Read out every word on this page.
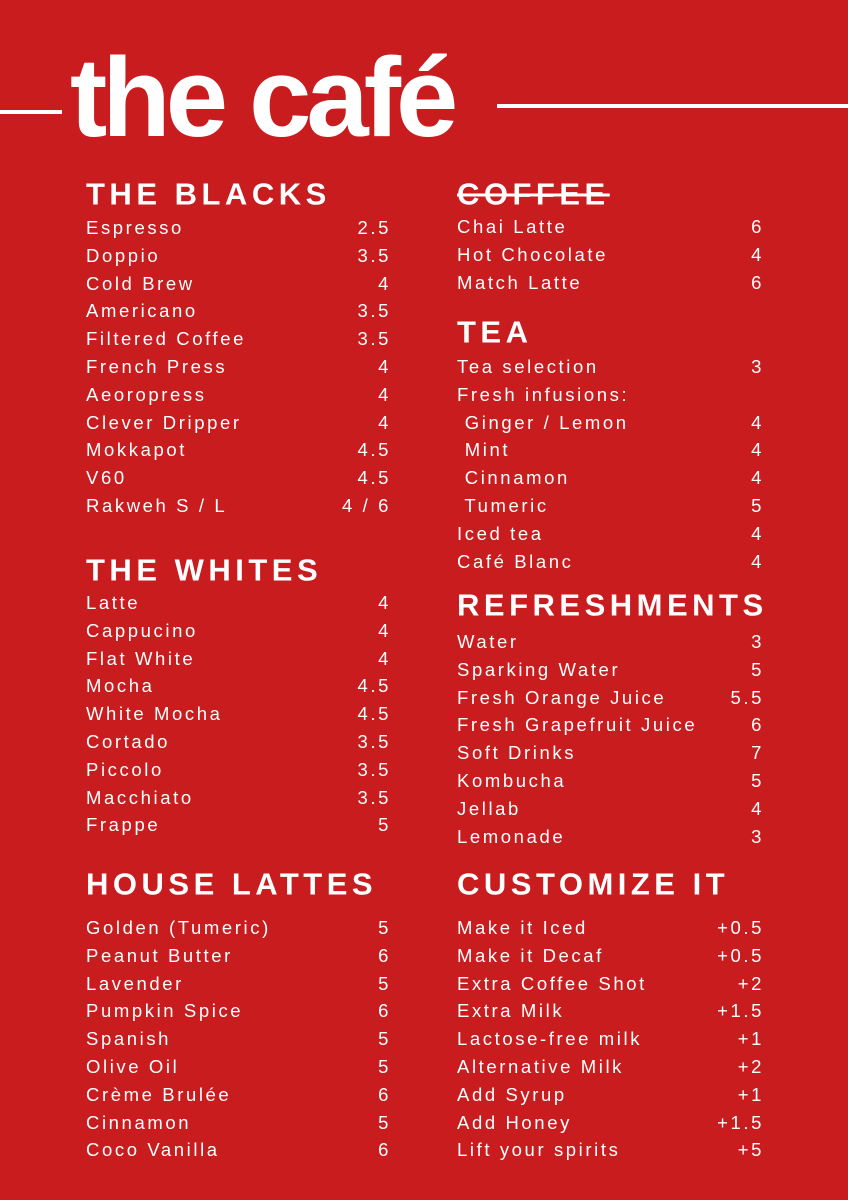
the café
THE BLACKS
Espresso	2.5
Doppio	3.5
Cold Brew	4
Americano	3.5
Filtered Coffee	3.5
French Press	4
Aeoropress	4
Clever Dripper	4
Mokkapot	4.5
V60	4.5
Rakweh S / L	4 / 6
THE WHITES
Latte	4
Cappucino	4
Flat White	4
Mocha	4.5
White Mocha	4.5
Cortado	3.5
Piccolo	3.5
Macchiato	3.5
Frappe	5
HOUSE LATTES
Golden (Tumeric)	5
Peanut Butter	6
Lavender	5
Pumpkin Spice	6
Spanish	5
Olive Oil	5
Crème Brulée	6
Cinnamon	5
Coco Vanilla	6
COFFEE
Chai Latte	6
Hot Chocolate	4
Match Latte	6
TEA
Tea selection	3
Fresh infusions:
Ginger / Lemon	4
Mint	4
Cinnamon	4
Tumeric	5
Iced tea	4
Café Blanc	4
REFRESHMENTS
Water	3
Sparking Water	5
Fresh Orange Juice	5.5
Fresh Grapefruit Juice	6
Soft Drinks	7
Kombucha	5
Jellab	4
Lemonade	3
CUSTOMIZE IT
Make it Iced	+0.5
Make it Decaf	+0.5
Extra Coffee Shot	+2
Extra Milk	+1.5
Lactose-free milk	+1
Alternative Milk	+2
Add Syrup	+1
Add Honey	+1.5
Lift your spirits	+5
